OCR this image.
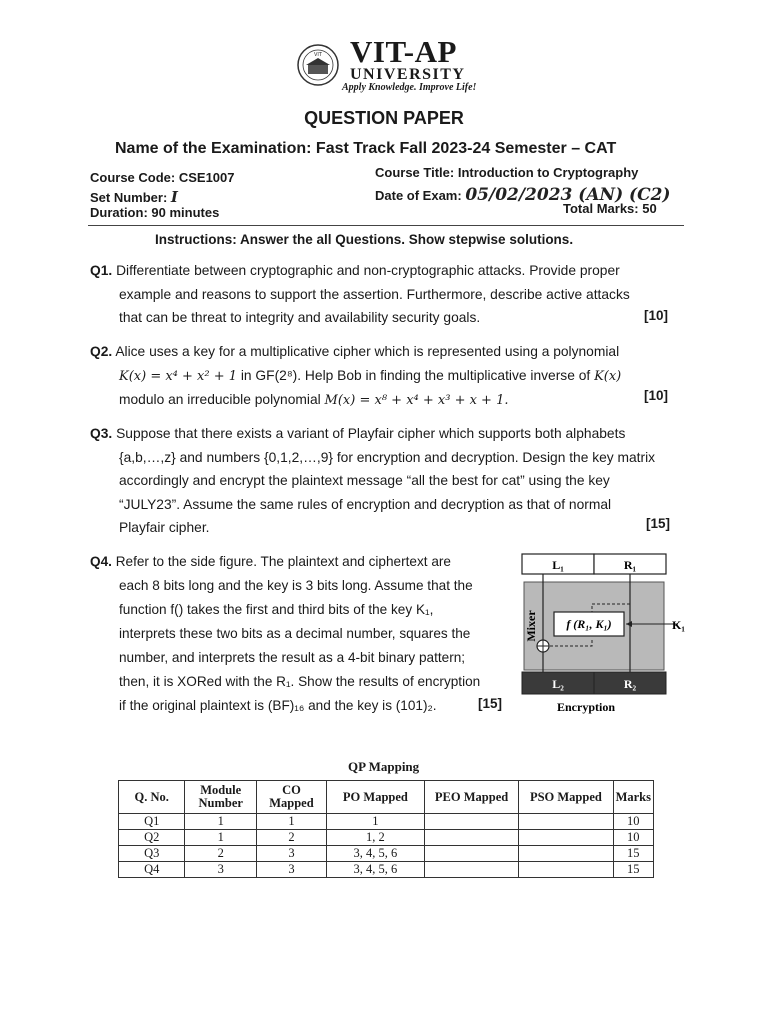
VIT VIT-AP
UNIVERSITY
Apply Knowledge. Improve Life!
QUESTION PAPER
Name of the Examination: Fast Track Fall 2023-24 Semester – CAT
Course Code: CSE1007
Set Number: I
Duration: 90 minutes
Course Title: Introduction to Cryptography
Date of Exam: 05/02/2023 (AN) (C2)
Total Marks: 50
Instructions: Answer the all Questions. Show stepwise solutions.
Q1. Differentiate between cryptographic and non-cryptographic attacks. Provide proper
example and reasons to support the assertion. Furthermore, describe active attacks
that can be threat to integrity and availability security goals.	[10]
Q2. Alice uses a key for a multiplicative cipher which is represented using a polynomial
K(x) = x⁴ + x² + 1 in GF(2⁸). Help Bob in finding the multiplicative inverse of K(x)
modulo an irreducible polynomial M(x) = x⁸ + x⁴ + x³ + x + 1.	[10]
Q3. Suppose that there exists a variant of Playfair cipher which supports both alphabets
{a,b,…,z} and numbers {0,1,2,…,9} for encryption and decryption. Design the key matrix
accordingly and encrypt the plaintext message “all the best for cat” using the key
“JULY23”. Assume the same rules of encryption and decryption as that of normal
Playfair cipher.	[15]
Q4. Refer to the side figure. The plaintext and ciphertext are
each 8 bits long and the key is 3 bits long. Assume that the
function f() takes the first and third bits of the key K₁,
interprets these two bits as a decimal number, squares the
number, and interprets the result as a 4-bit binary pattern;
then, it is XORed with the R₁. Show the results of encryption
if the original plaintext is (BF)₁₆ and the key is (101)₂.	[15]
L₁	R₁
Mixer f (R₁, K₁)	K₁
L₂	R₂
Encryption
QP Mapping
Q. No.	Module Number	CO Mapped	PO Mapped	PEO Mapped	PSO Mapped	Marks
Q1	1	1	1			10
Q2	1	2	1, 2			10
Q3	2	3	3, 4, 5, 6			15
Q4	3	3	3, 4, 5, 6			15
